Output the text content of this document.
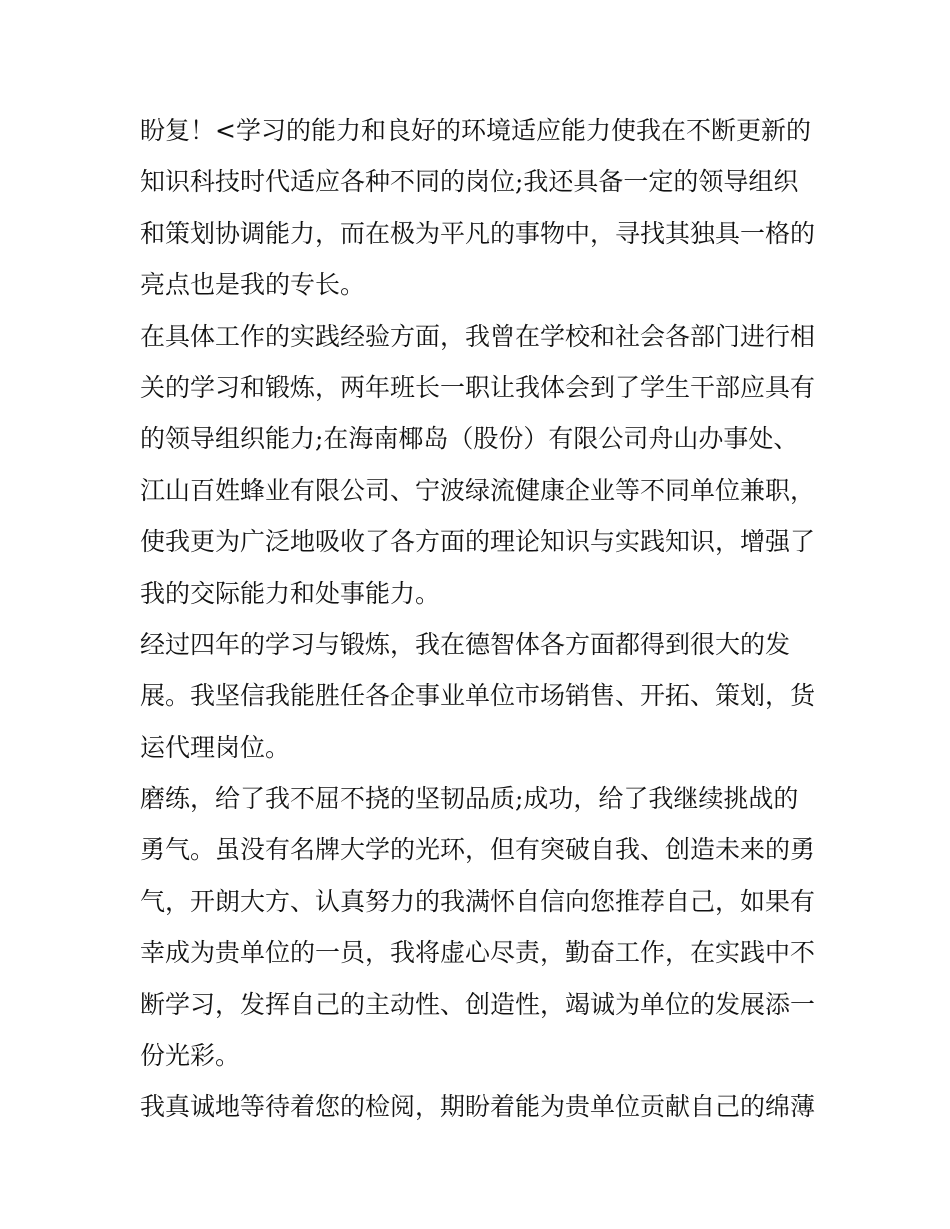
盼复！<学习的能力和良好的环境适应能力使我在不断更新的
知识科技时代适应各种不同的岗位;我还具备一定的领导组织
和策划协调能力，而在极为平凡的事物中，寻找其独具一格的
亮点也是我的专长。
在具体工作的实践经验方面，我曾在学校和社会各部门进行相
关的学习和锻炼，两年班长一职让我体会到了学生干部应具有
的领导组织能力;在海南椰岛（股份）有限公司舟山办事处、
江山百姓蜂业有限公司、宁波绿流健康企业等不同单位兼职，
使我更为广泛地吸收了各方面的理论知识与实践知识，增强了
我的交际能力和处事能力。
经过四年的学习与锻炼，我在德智体各方面都得到很大的发
展。我坚信我能胜任各企事业单位市场销售、开拓、策划，货
运代理岗位。
磨练，给了我不屈不挠的坚韧品质;成功，给了我继续挑战的
勇气。虽没有名牌大学的光环，但有突破自我、创造未来的勇
气，开朗大方、认真努力的我满怀自信向您推荐自己，如果有
幸成为贵单位的一员，我将虚心尽责，勤奋工作，在实践中不
断学习，发挥自己的主动性、创造性，竭诚为单位的发展添一
份光彩。
我真诚地等待着您的检阅，期盼着能为贵单位贡献自己的绵薄
